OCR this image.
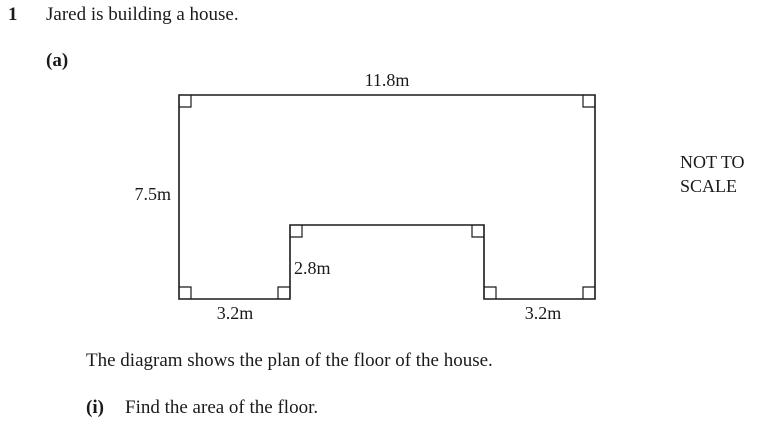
1 Jared is building a house.
(a)
11.8m
7.5m
2.8m
3.2m	3.2m
NOT TO
SCALE
The diagram shows the plan of the floor of the house.
(i) Find the area of the floor.
